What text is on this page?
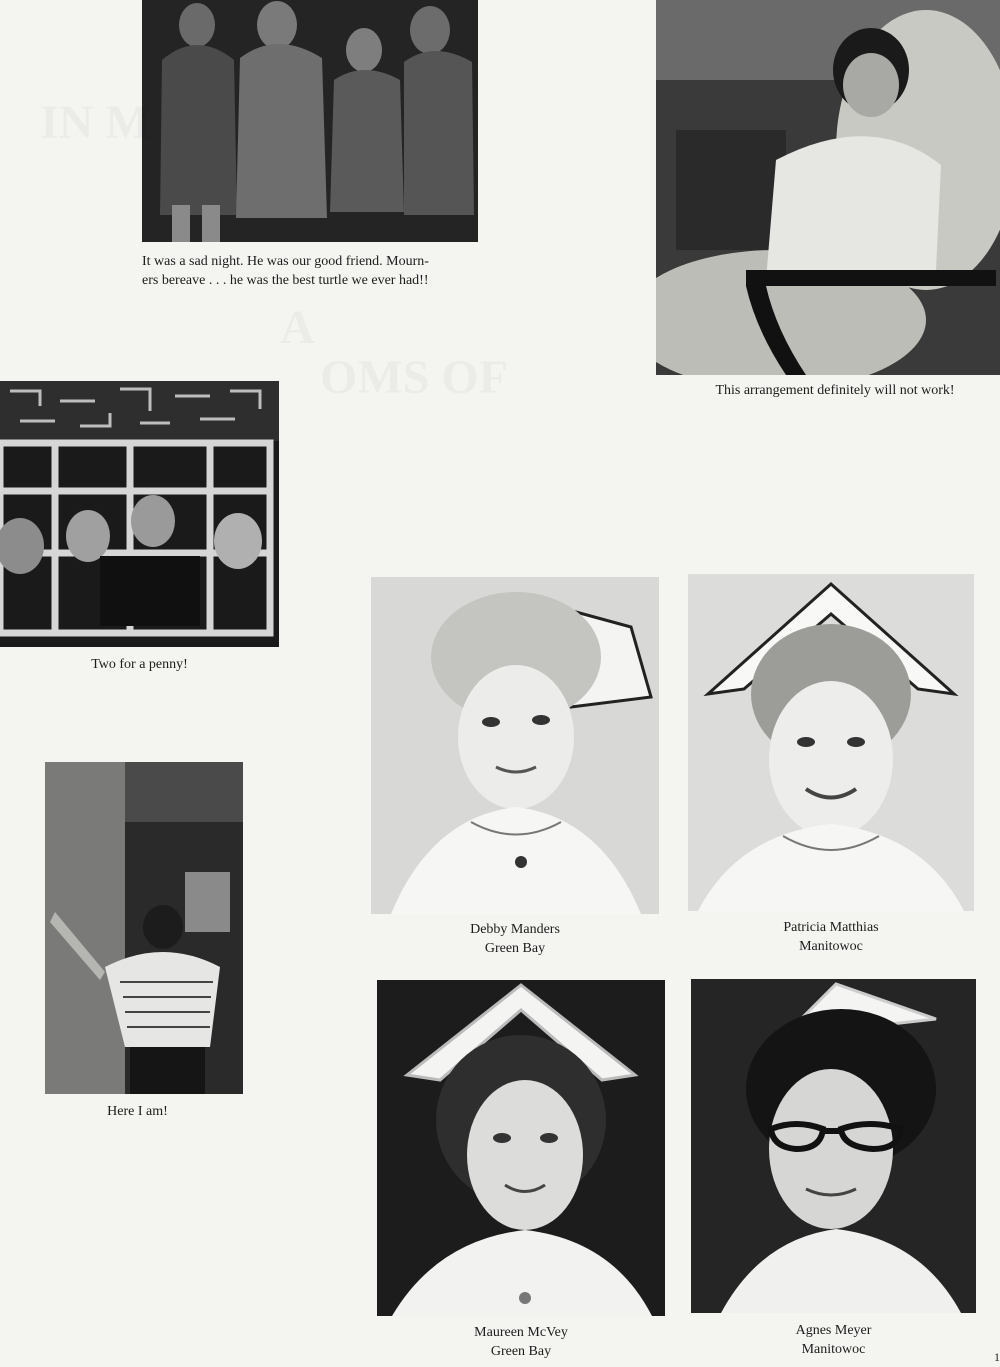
It was a sad night. He was our good friend. Mourn-
ers bereave . . . he was the best turtle we ever had!!
This arrangement definitely will not work!
Two for a penny!
Here I am!
Debby Manders
Green Bay
Patricia Matthias
Manitowoc
Maureen McVey
Green Bay
Agnes Meyer
Manitowoc	1
